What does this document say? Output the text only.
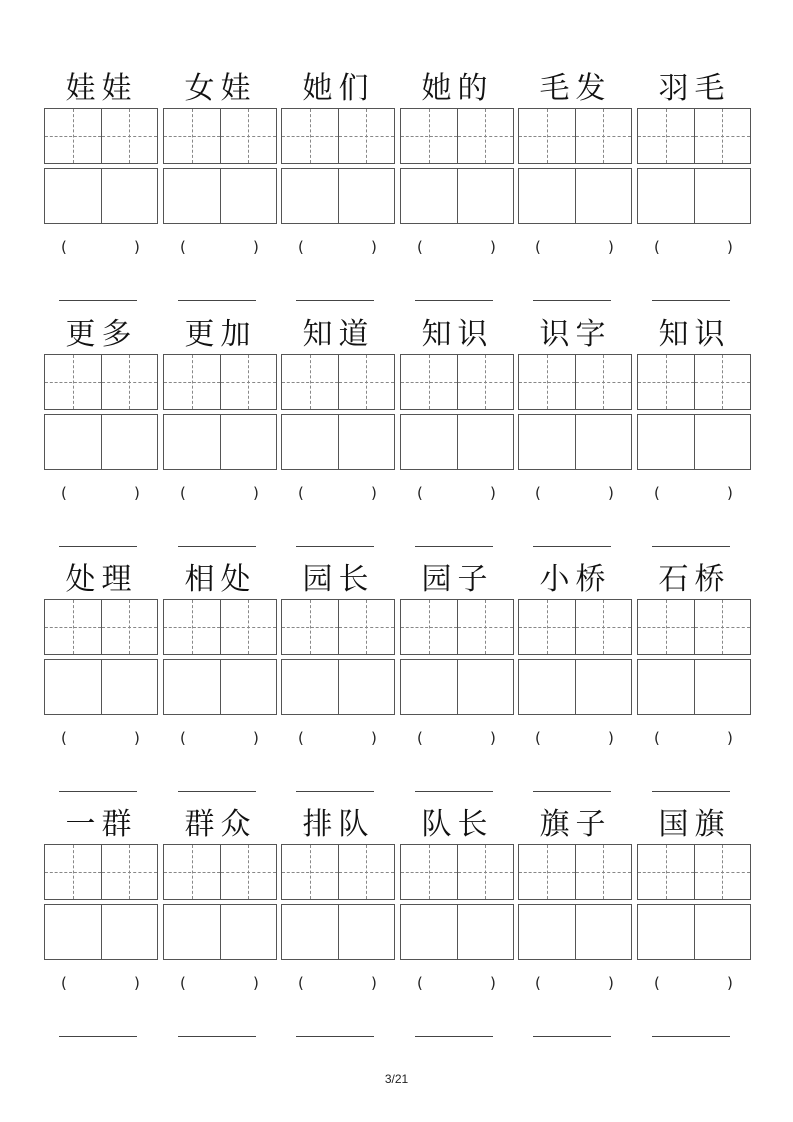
娃娃
(	)
女娃
(	)
她们
(	)
她的
(	)
毛发
(	)
羽毛
(	)
更多
(	)
更加
(	)
知道
(	)
知识
(	)
识字
(	)
知识
(	)
处理
(	)
相处
(	)
园长
(	)
园子
(	)
小桥
(	)
石桥
(	)
一群
(	)
群众
(	)
排队
(	)
队长
(	)
旗子
(	)
国旗
(	)
3/21
